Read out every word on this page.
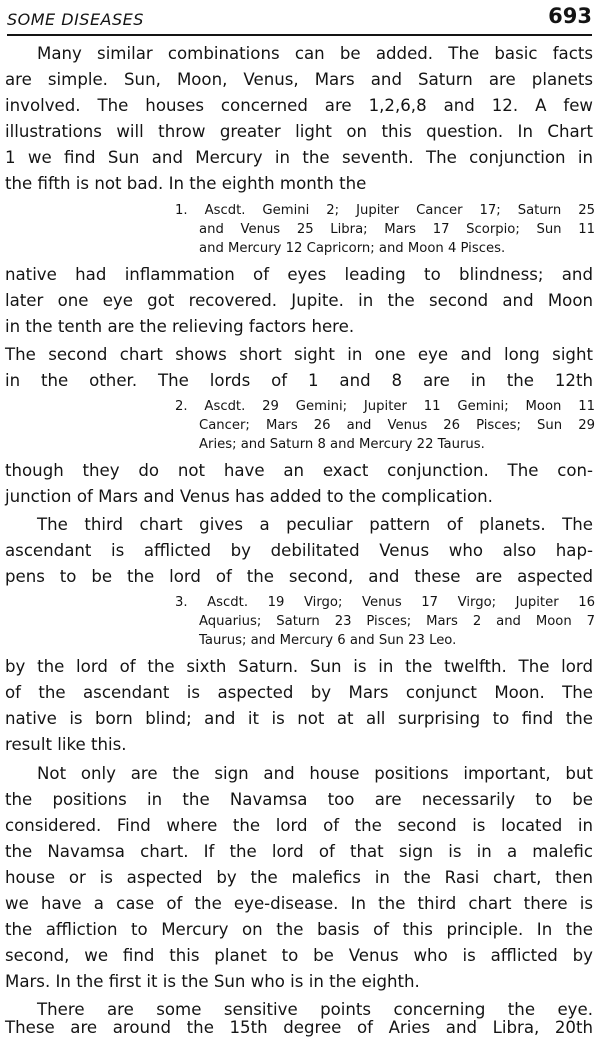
SOME DISEASES	693
Many similar combinations can be added. The basic facts
are simple. Sun, Moon, Venus, Mars and Saturn are planets
involved. The houses concerned are 1,2,6,8 and 12. A few
illustrations will throw greater light on this question. In Chart
1 we find Sun and Mercury in the seventh. The conjunction in
the fifth is not bad. In the eighth month the
1. Ascdt. Gemini 2; Jupiter Cancer 17; Saturn 25
and Venus 25 Libra; Mars 17 Scorpio; Sun 11
and Mercury 12 Capricorn; and Moon 4 Pisces.
native had inflammation of eyes leading to blindness; and
later one eye got recovered. Jupite. in the second and Moon
in the tenth are the relieving factors here.
The second chart shows short sight in one eye and long sight
in the other. The lords of 1 and 8 are in the 12th
2. Ascdt. 29 Gemini; Jupiter 11 Gemini; Moon 11
Cancer; Mars 26 and Venus 26 Pisces; Sun 29
Aries; and Saturn 8 and Mercury 22 Taurus.
though they do not have an exact conjunction. The con-
junction of Mars and Venus has added to the complication.
The third chart gives a peculiar pattern of planets. The
ascendant is afflicted by debilitated Venus who also hap-
pens to be the lord of the second, and these are aspected
3. Ascdt. 19 Virgo; Venus 17 Virgo; Jupiter 16
Aquarius; Saturn 23 Pisces; Mars 2 and Moon 7
Taurus; and Mercury 6 and Sun 23 Leo.
by the lord of the sixth Saturn. Sun is in the twelfth. The lord
of the ascendant is aspected by Mars conjunct Moon. The
native is born blind; and it is not at all surprising to find the
result like this.
Not only are the sign and house positions important, but
the positions in the Navamsa too are necessarily to be
considered. Find where the lord of the second is located in
the Navamsa chart. If the lord of that sign is in a malefic
house or is aspected by the malefics in the Rasi chart, then
we have a case of the eye-disease. In the third chart there is
the affliction to Mercury on the basis of this principle. In the
second, we find this planet to be Venus who is afflicted by
Mars. In the first it is the Sun who is in the eighth.
There are some sensitive points concerning the eye.
These are around the 15th degree of Aries and Libra, 20th
